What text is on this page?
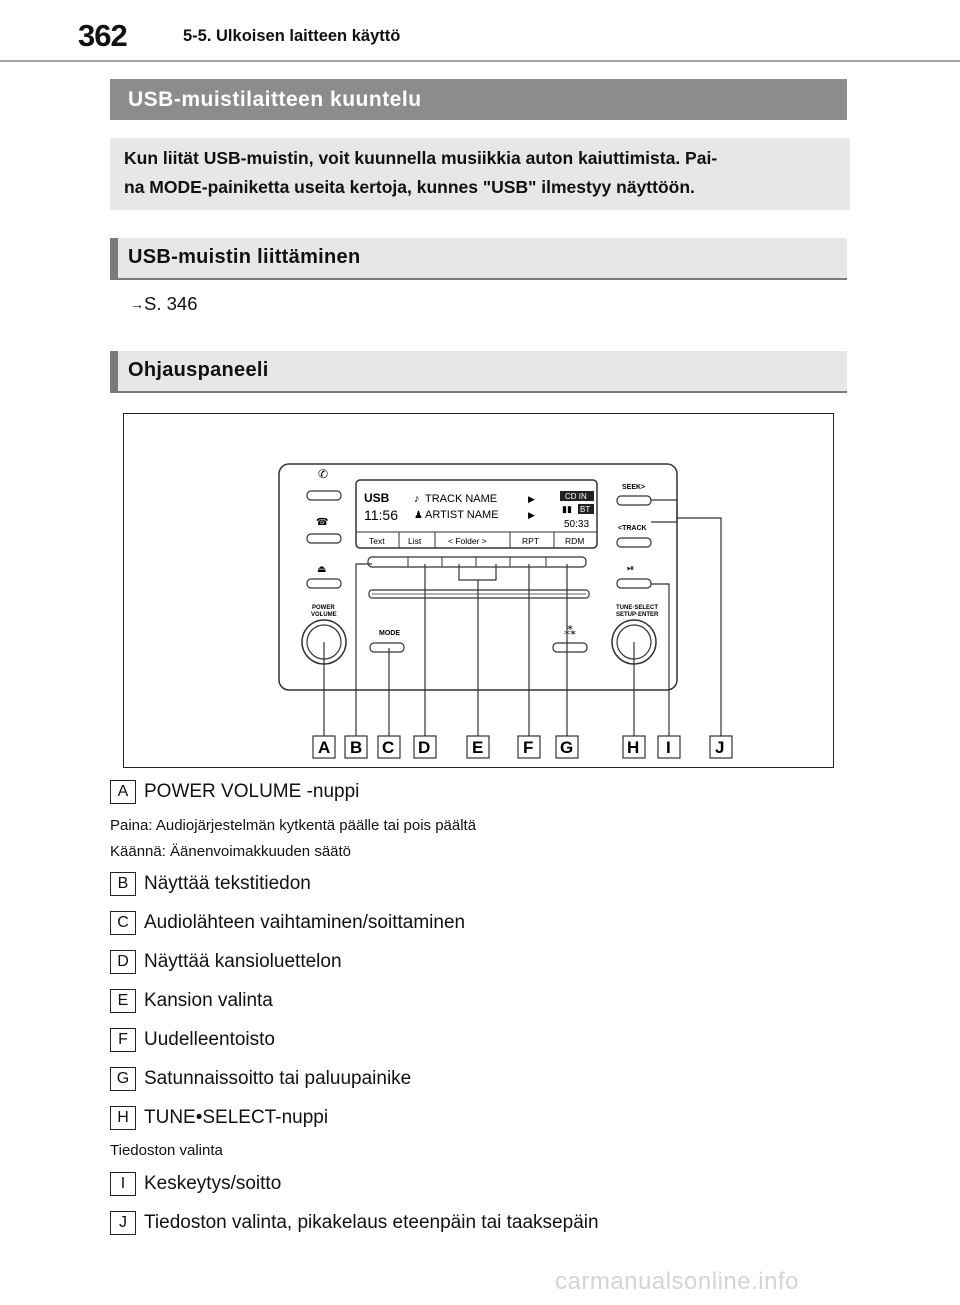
362	5-5. Ulkoisen laitteen käyttö
USB-muistilaitteen kuuntelu
Kun liität USB-muistin, voit kuunnella musiikkia auton kaiuttimista. Pai-
na MODE-painiketta useita kertoja, kunnes "USB" ilmestyy näyttöön.
USB-muistin liittäminen
→S. 346
Ohjauspaneeli
USB
11:56
♪ TRACK NAME
♟ ARTIST NAME
▶
▶
CD IN
▮▮ BT
50:33
Text	List	< Folder >	RPT	RDM
✆
☎
⏏
POWER
VOLUME
MODE	⁂
SEEK>
<TRACK
⏯
TUNE·SELECT
SETUP·ENTER
A B C D E F G	H I	J
A POWER VOLUME -nuppi
Paina: Audiojärjestelmän kytkentä päälle tai pois päältä
Käännä: Äänenvoimakkuuden säätö
B Näyttää tekstitiedon
C Audiolähteen vaihtaminen/soittaminen
D Näyttää kansioluettelon
E Kansion valinta
F Uudelleentoisto
G Satunnaissoitto tai paluupainike
H TUNE•SELECT-nuppi
Tiedoston valinta
I Keskeytys/soitto
J Tiedoston valinta, pikakelaus eteenpäin tai taaksepäin
carmanualsonline.info
